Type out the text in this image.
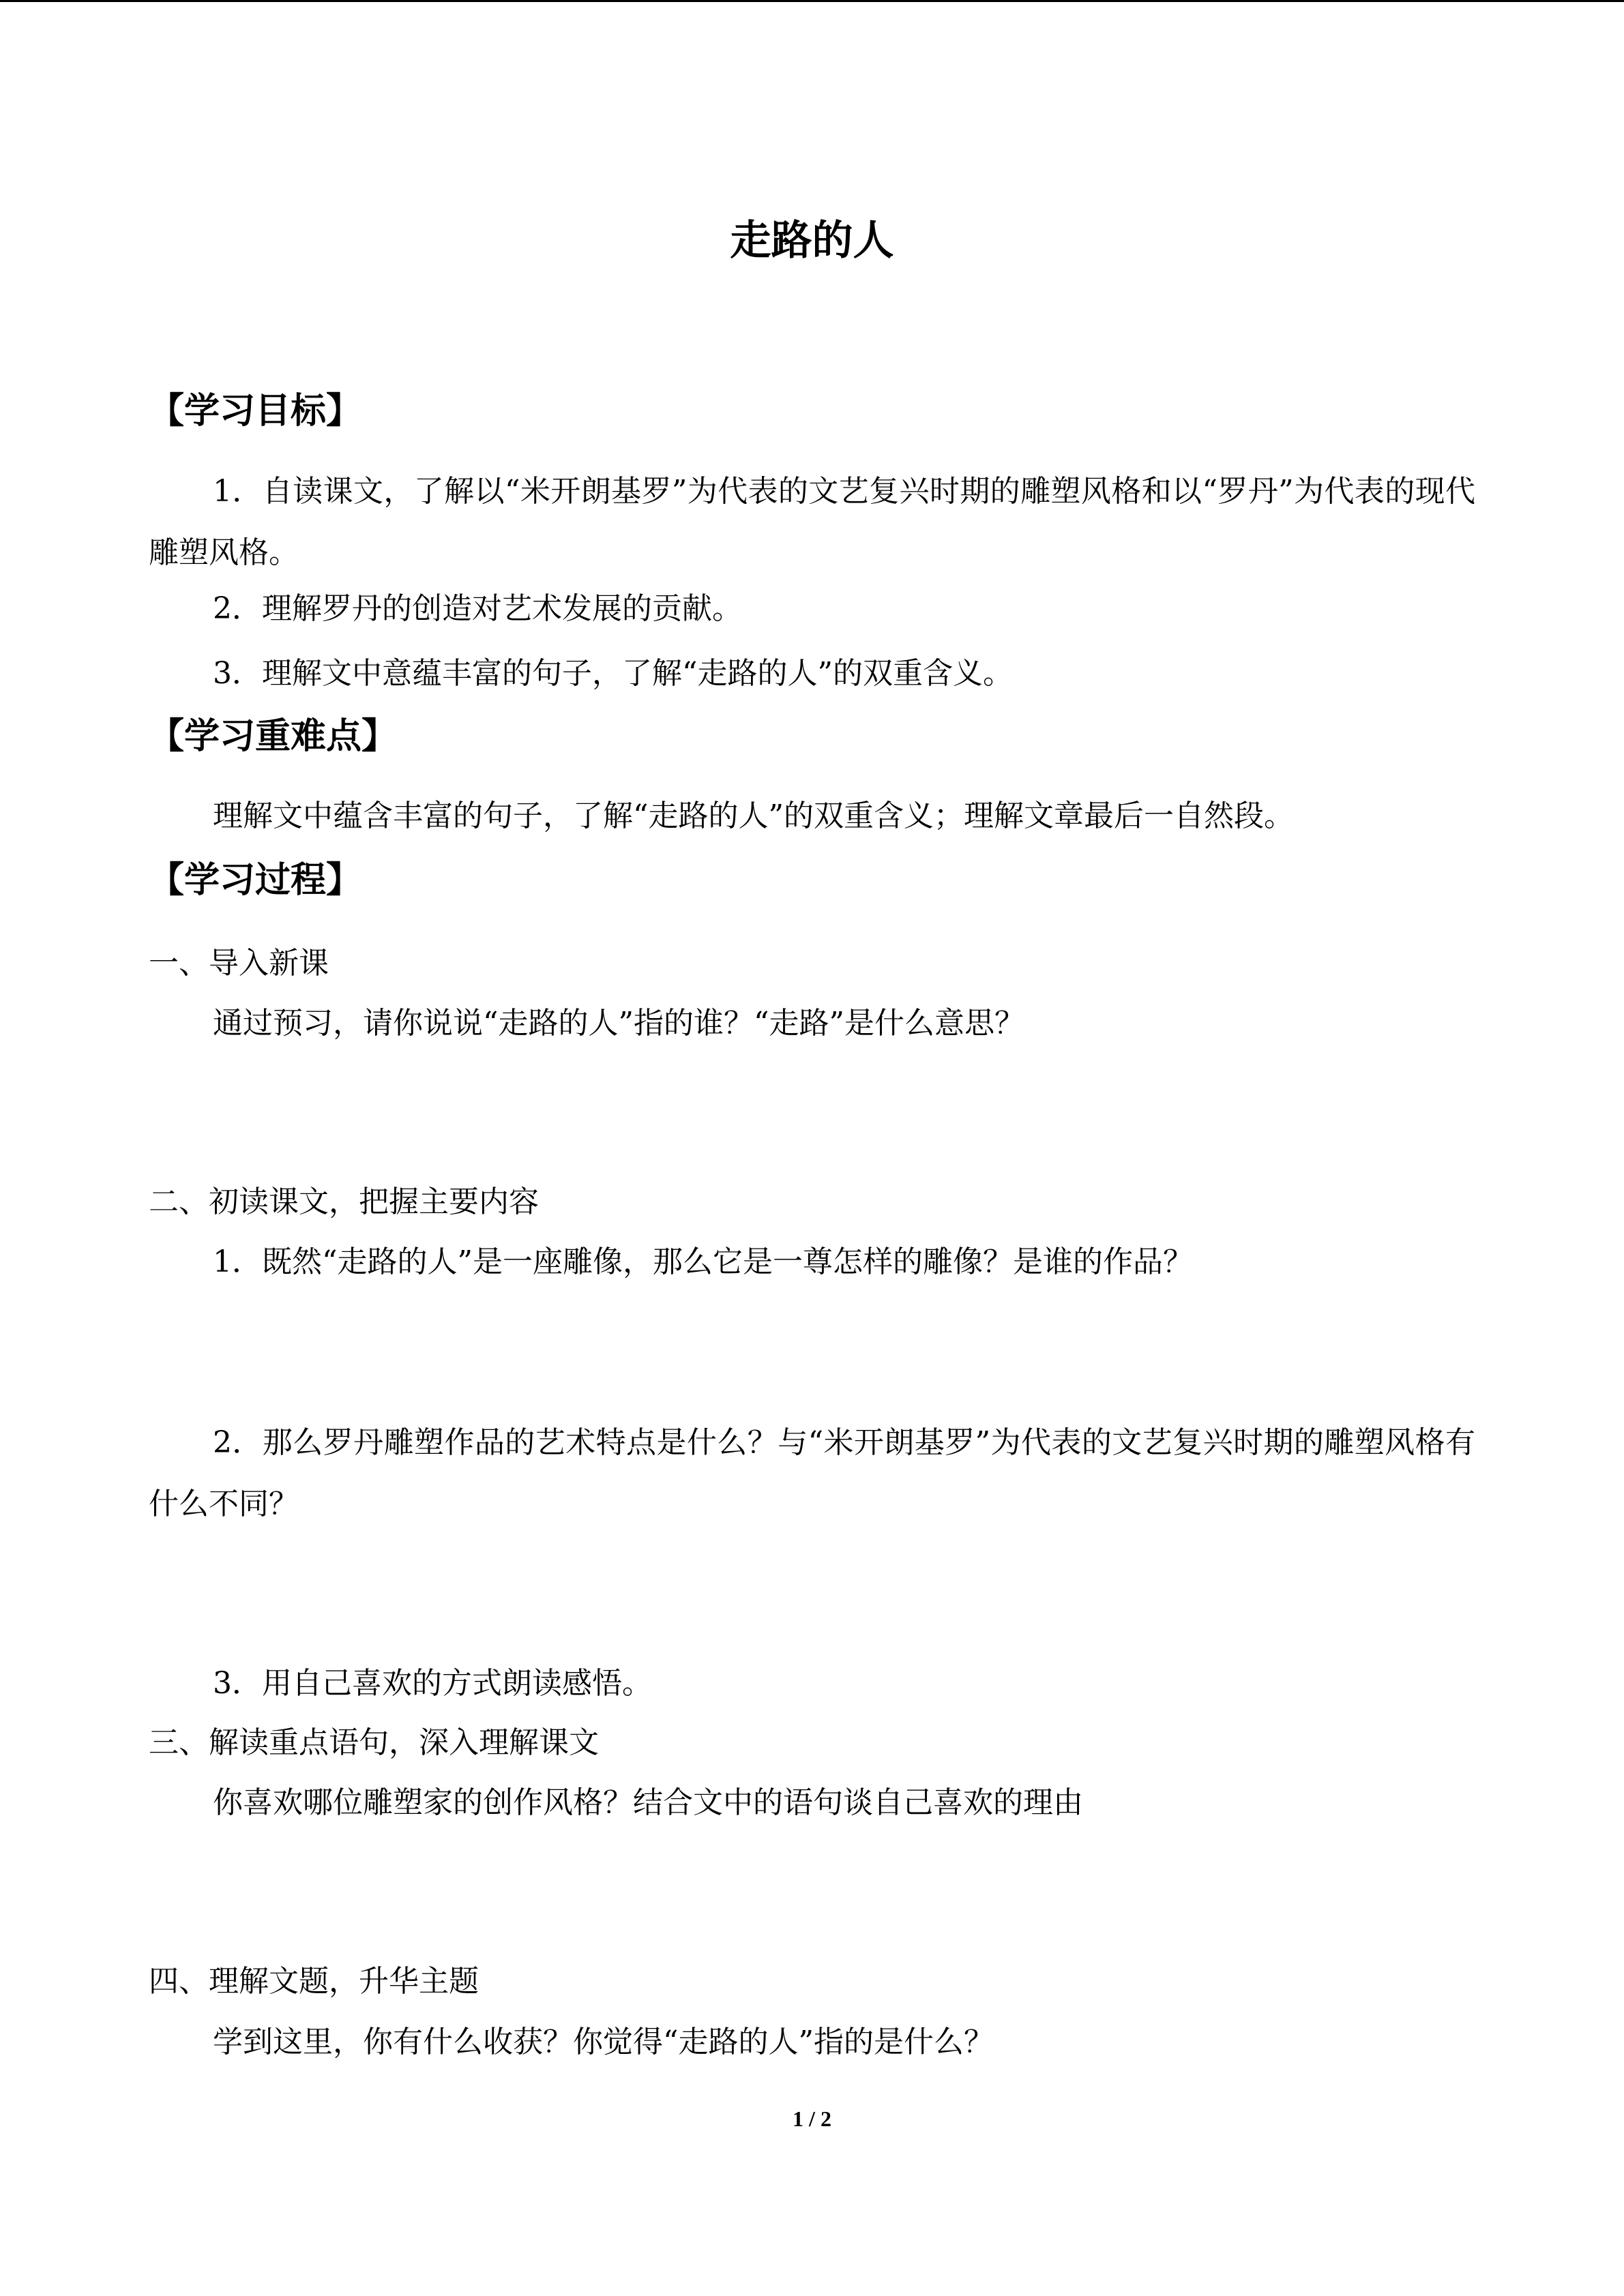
走路的人
【学习目标】
1．自读课文，了解以“米开朗基罗”为代表的文艺复兴时期的雕塑风格和以“罗丹”为代表的现代雕塑风格。
2．理解罗丹的创造对艺术发展的贡献。
3．理解文中意蕴丰富的句子，了解“走路的人”的双重含义。
【学习重难点】
理解文中蕴含丰富的句子，了解“走路的人”的双重含义；理解文章最后一自然段。
【学习过程】
一、导入新课
通过预习，请你说说“走路的人”指的谁？“走路”是什么意思？
二、初读课文，把握主要内容
1．既然“走路的人”是一座雕像，那么它是一尊怎样的雕像？是谁的作品？
2．那么罗丹雕塑作品的艺术特点是什么？与“米开朗基罗”为代表的文艺复兴时期的雕塑风格有什么不同？
3．用自己喜欢的方式朗读感悟。
三、解读重点语句，深入理解课文
你喜欢哪位雕塑家的创作风格？结合文中的语句谈自己喜欢的理由
四、理解文题，升华主题
学到这里，你有什么收获？你觉得“走路的人”指的是什么？
1 / 2
